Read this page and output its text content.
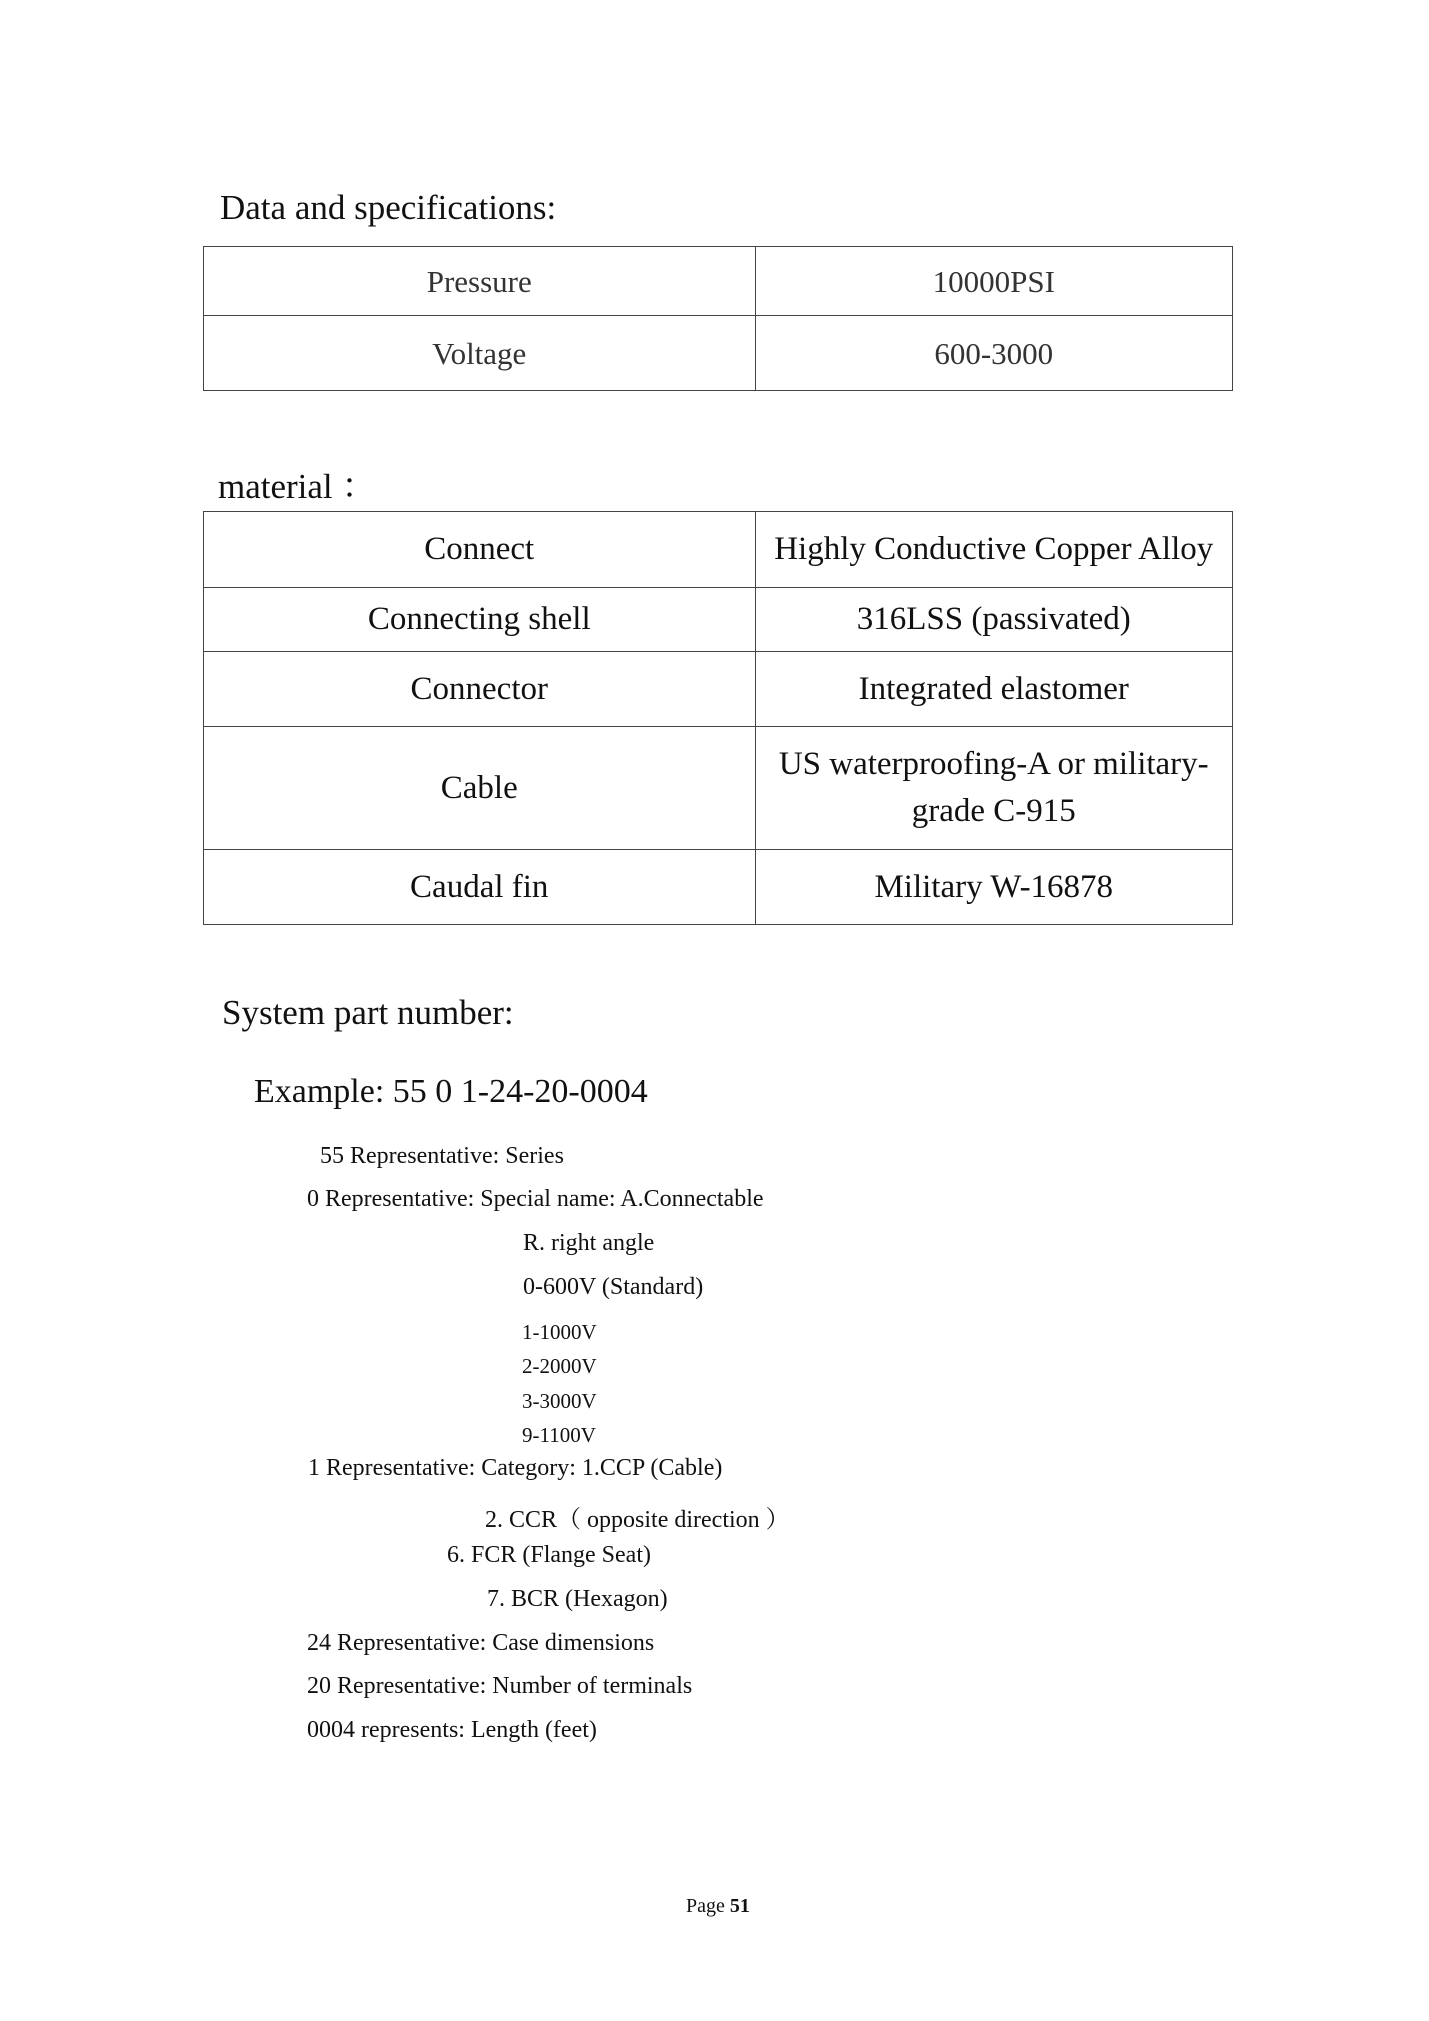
Data and specifications:
Pressure	10000PSI
Voltage	600-3000
material ：
Connect	Highly Conductive Copper Alloy
Connecting shell	316LSS (passivated)
Connector	Integrated elastomer
Cable	US waterproofing-A or military-grade C-915
Caudal fin	Military W-16878
System part number:
Example: 55 0 1-24-20-0004
55 Representative: Series
0 Representative: Special name: A.Connectable
R. right angle
0-600V (Standard)
1-1000V
2-2000V
3-3000V
9-1100V
1 Representative: Category: 1.CCP (Cable)
2. CCR（ opposite direction ）
6. FCR (Flange Seat)
7. BCR (Hexagon)
24 Representative: Case dimensions
20 Representative: Number of terminals
0004 represents: Length (feet)
Page 51
